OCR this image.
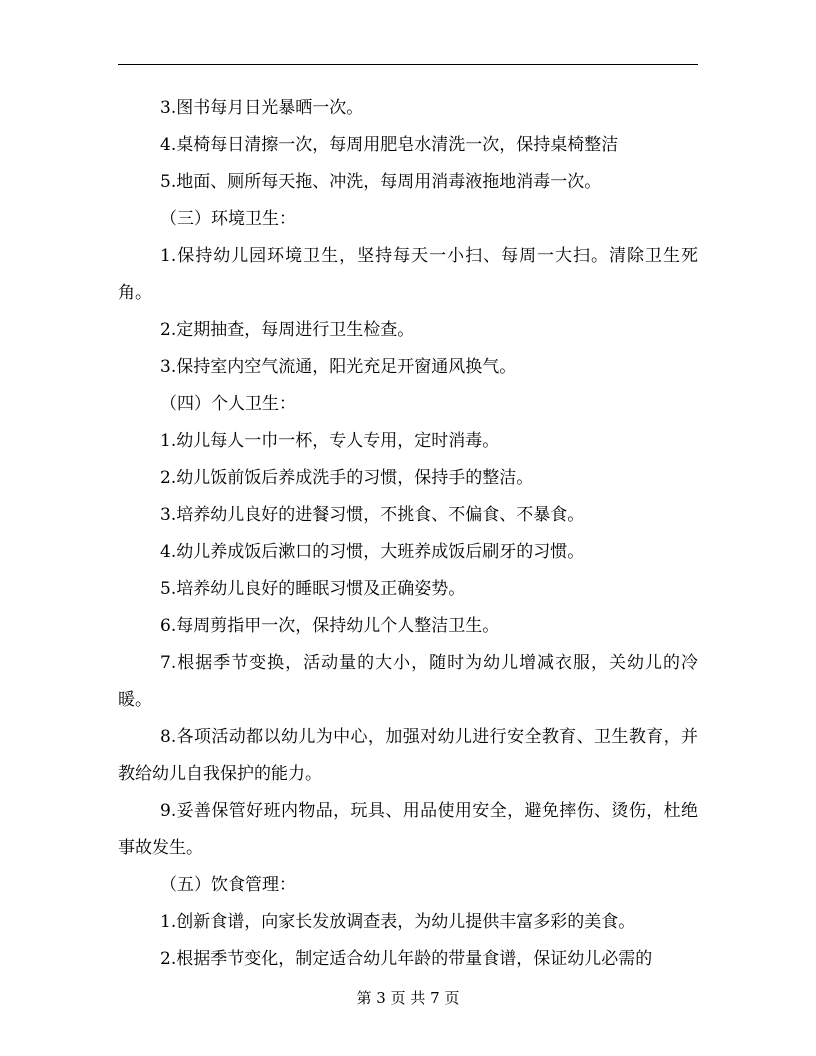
3.图书每月日光暴晒一次。

4.桌椅每日清擦一次，每周用肥皂水清洗一次，保持桌椅整洁

5.地面、厕所每天拖、冲洗，每周用消毒液拖地消毒一次。

（三）环境卫生：

1.保持幼儿园环境卫生，坚持每天一小扫、每周一大扫。清除卫生死角。

2.定期抽查，每周进行卫生检查。

3.保持室内空气流通，阳光充足开窗通风换气。

（四）个人卫生：

1.幼儿每人一巾一杯，专人专用，定时消毒。

2.幼儿饭前饭后养成洗手的习惯，保持手的整洁。

3.培养幼儿良好的进餐习惯，不挑食、不偏食、不暴食。

4.幼儿养成饭后漱口的习惯，大班养成饭后刷牙的习惯。

5.培养幼儿良好的睡眠习惯及正确姿势。

6.每周剪指甲一次，保持幼儿个人整洁卫生。

7.根据季节变换，活动量的大小，随时为幼儿增减衣服，关幼儿的冷暖。

8.各项活动都以幼儿为中心，加强对幼儿进行安全教育、卫生教育，并教给幼儿自我保护的能力。

9.妥善保管好班内物品，玩具、用品使用安全，避免摔伤、烫伤，杜绝事故发生。

（五）饮食管理：

1.创新食谱，向家长发放调查表，为幼儿提供丰富多彩的美食。

2.根据季节变化，制定适合幼儿年龄的带量食谱，保证幼儿必需的

第 3 页 共 7 页
